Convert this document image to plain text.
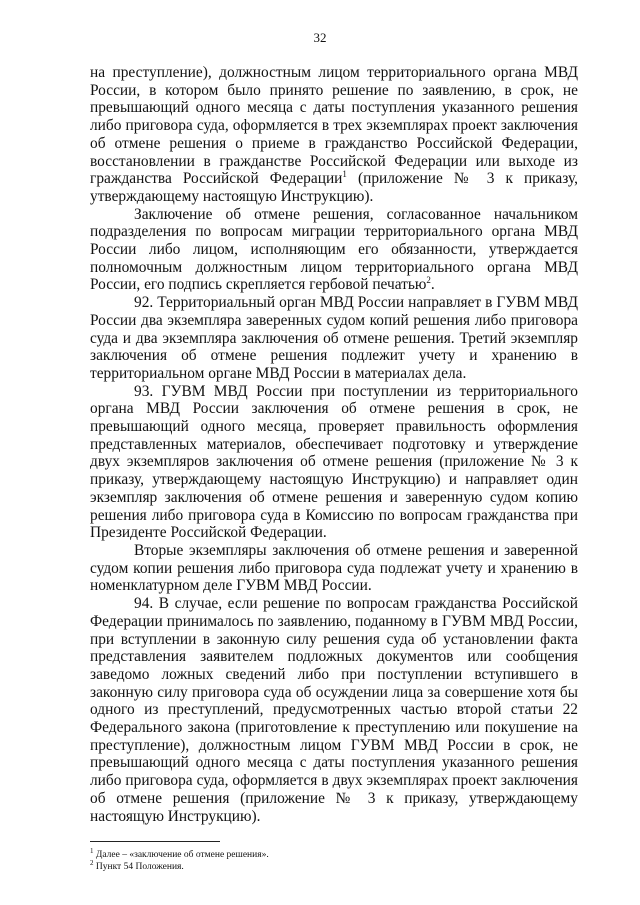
32

на преступление), должностным лицом территориального органа МВД России, в котором было принято решение по заявлению, в срок, не превышающий одного месяца с даты поступления указанного решения либо приговора суда, оформляется в трех экземплярах проект заключения об отмене решения о приеме в гражданство Российской Федерации, восстановлении в гражданстве Российской Федерации или выходе из гражданства Российской Федерации$^1$ (приложение № 3 к приказу, утверждающему настоящую Инструкцию).

Заключение об отмене решения, согласованное начальником подразделения по вопросам миграции территориального органа МВД России либо лицом, исполняющим его обязанности, утверждается полномочным должностным лицом территориального органа МВД России, его подпись скрепляется гербовой печатью$^2$.

92. Территориальный орган МВД России направляет в ГУВМ МВД России два экземпляра заверенных судом копий решения либо приговора суда и два экземпляра заключения об отмене решения. Третий экземпляр заключения об отмене решения подлежит учету и хранению в территориальном органе МВД России в материалах дела.

93. ГУВМ МВД России при поступлении из территориального органа МВД России заключения об отмене решения в срок, не превышающий одного месяца, проверяет правильность оформления представленных материалов, обеспечивает подготовку и утверждение двух экземпляров заключения об отмене решения (приложение № 3 к приказу, утверждающему настоящую Инструкцию) и направляет один экземпляр заключения об отмене решения и заверенную судом копию решения либо приговора суда в Комиссию по вопросам гражданства при Президенте Российской Федерации.

Вторые экземпляры заключения об отмене решения и заверенной судом копии решения либо приговора суда подлежат учету и хранению в номенклатурном деле ГУВМ МВД России.

94. В случае, если решение по вопросам гражданства Российской Федерации принималось по заявлению, поданному в ГУВМ МВД России, при вступлении в законную силу решения суда об установлении факта представления заявителем подложных документов или сообщения заведомо ложных сведений либо при поступлении вступившего в законную силу приговора суда об осуждении лица за совершение хотя бы одного из преступлений, предусмотренных частью второй статьи 22 Федерального закона (приготовление к преступлению или покушение на преступление), должностным лицом ГУВМ МВД России в срок, не превышающий одного месяца с даты поступления указанного решения либо приговора суда, оформляется в двух экземплярах проект заключения об отмене решения (приложение № 3 к приказу, утверждающему настоящую Инструкцию).

$^1$ Далее – «заключение об отмене решения».

$^2$ Пункт 54 Положения.
